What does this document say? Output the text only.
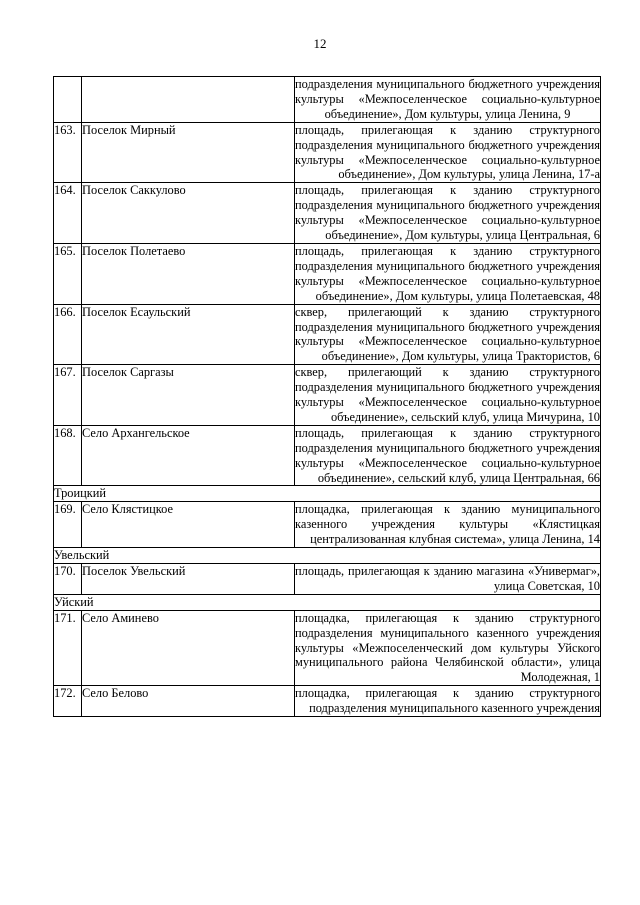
12

		подразделения муниципального бюджетного учреждения культуры «Межпоселенческое социально-культурное объединение», Дом культуры, улица Ленина, 9

163.	Поселок Мирный	площадь, прилегающая к зданию структурного подразделения муниципального бюджетного учреждения культуры «Межпоселенческое социально-культурное объединение», Дом культуры, улица Ленина, 17-а

164.	Поселок Саккулово	площадь, прилегающая к зданию структурного подразделения муниципального бюджетного учреждения культуры «Межпоселенческое социально-культурное объединение», Дом культуры, улица Центральная, 6

165.	Поселок Полетаево	площадь, прилегающая к зданию структурного подразделения муниципального бюджетного учреждения культуры «Межпоселенческое социально-культурное объединение», Дом культуры, улица Полетаевская, 48

166.	Поселок Есаульский	сквер, прилегающий к зданию структурного подразделения муниципального бюджетного учреждения культуры «Межпоселенческое социально-культурное объединение», Дом культуры, улица Трактористов, 6

167.	Поселок Саргазы	сквер, прилегающий к зданию структурного подразделения муниципального бюджетного учреждения культуры «Межпоселенческое социально-культурное объединение», сельский клуб, улица Мичурина, 10

168.	Село Архангельское	площадь, прилегающая к зданию структурного подразделения муниципального бюджетного учреждения культуры «Межпоселенческое социально-культурное объединение», сельский клуб, улица Центральная, 66

Троицкий		
169.	Село Клястицкое	площадка, прилегающая к зданию муниципального казенного учреждения культуры «Клястицкая централизованная клубная система», улица Ленина, 14

Увельский		
170.	Поселок Увельский	площадь, прилегающая к зданию магазина «Универмаг», улица Советская, 10

Уйский		
171.	Село Аминево	площадка, прилегающая к зданию структурного подразделения муниципального казенного учреждения культуры «Межпоселенческий дом культуры Уйского муниципального района Челябинской области», улица Молодежная, 1

172.	Село Белово	площадка, прилегающая к зданию структурного подразделения муниципального казенного учреждения
